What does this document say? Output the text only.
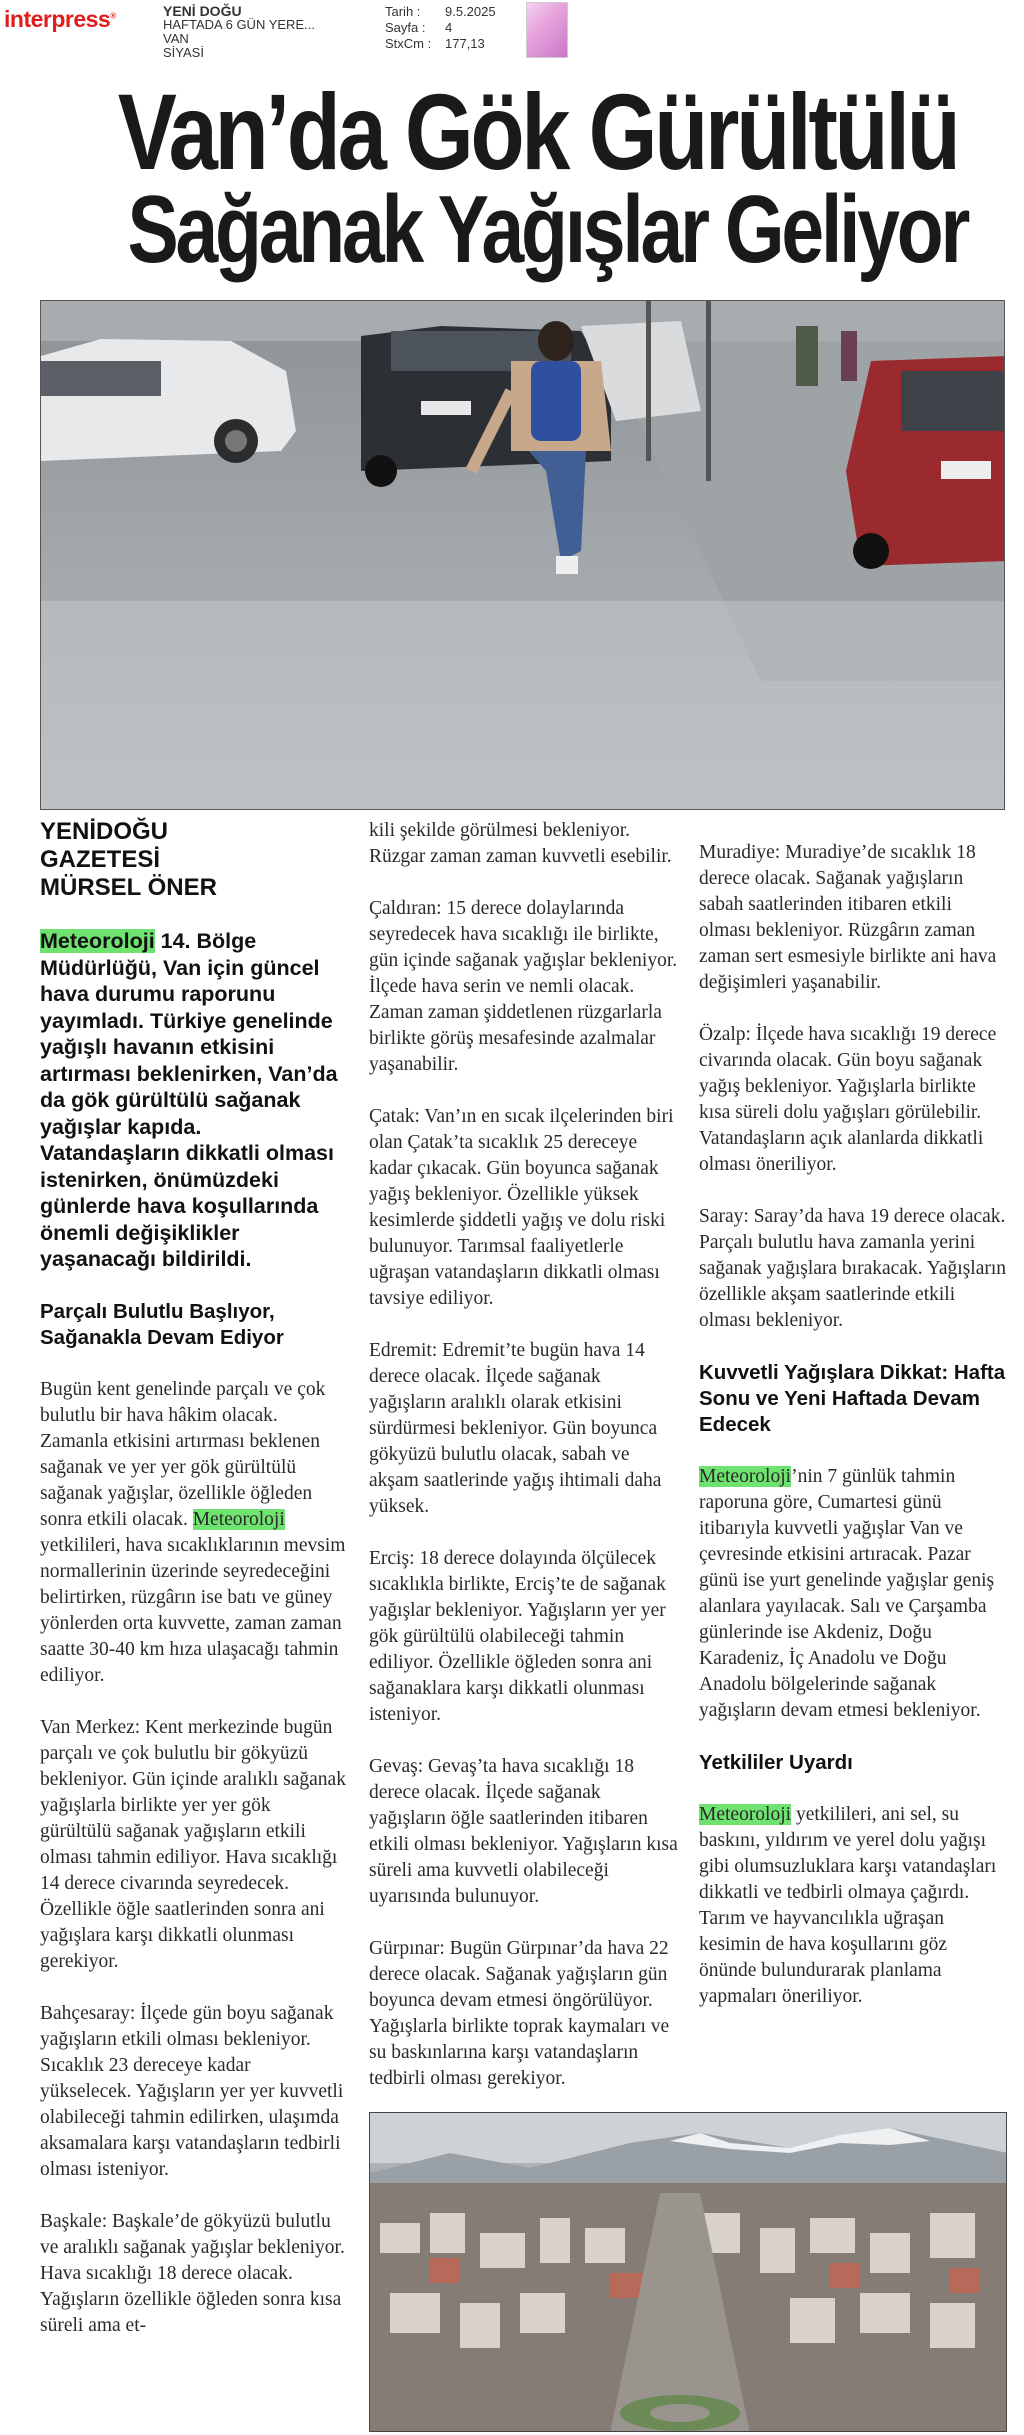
interpress®	YENİ DOĞU
HAFTADA 6 GÜN YERE...
VAN
SİYASİ
Tarih :	9.5.2025
Sayfa :	4
StxCm :	177,13
Van’da Gök Gürültülü
Sağanak Yağışlar Geliyor
YENİDOĞU
GAZETESİ
MÜRSEL ÖNER

Meteoroloji 14. Bölge Müdürlüğü, Van için güncel hava durumu raporunu yayımladı. Türkiye genelinde yağışlı havanın etkisini artırması beklenirken, Van’da da gök gürültülü sağanak yağışlar kapıda. Vatandaşların dikkatli olması istenirken, önümüzdeki günlerde hava koşullarında önemli değişiklikler yaşanacağı bildirildi.

Parçalı Bulutlu Başlıyor, Sağanakla Devam Ediyor

Bugün kent genelinde parçalı ve çok bulutlu bir hava hâkim olacak. Zamanla etkisini artırması beklenen sağanak ve yer yer gök gürültülü sağanak yağışlar, özellikle öğleden sonra etkili olacak. Meteoroloji yetkilileri, hava sıcaklıklarının mevsim normallerinin üzerinde seyredeceğini belirtirken, rüzgârın ise batı ve güney yönlerden orta kuvvette, zaman zaman saatte 30-40 km hıza ulaşacağı tahmin ediliyor.

Van Merkez: Kent merkezinde bugün parçalı ve çok bulutlu bir gökyüzü bekleniyor. Gün içinde aralıklı sağanak yağışlarla birlikte yer yer gök gürültülü sağanak yağışların etkili olması tahmin ediliyor. Hava sıcaklığı 14 derece civarında seyredecek. Özellikle öğle saatlerinden sonra ani yağışlara karşı dikkatli olunması gerekiyor.

Bahçesaray: İlçede gün boyu sağanak yağışların etkili olması bekleniyor. Sıcaklık 23 dereceye kadar yükselecek. Yağışların yer yer kuvvetli olabileceği tahmin edilirken, ulaşımda aksamalara karşı vatandaşların tedbirli olması isteniyor.

Başkale: Başkale’de gökyüzü bulutlu ve aralıklı sağanak yağışlar bekleniyor. Hava sıcaklığı 18 derece olacak. Yağışların özellikle öğleden sonra kısa süreli ama et-

kili şekilde görülmesi bekleniyor. Rüzgar zaman zaman kuvvetli esebilir.

Çaldıran: 15 derece dolaylarında seyredecek hava sıcaklığı ile birlikte, gün içinde sağanak yağışlar bekleniyor. İlçede hava serin ve nemli olacak. Zaman zaman şiddetlenen rüzgarlarla birlikte görüş mesafesinde azalmalar yaşanabilir.

Çatak: Van’ın en sıcak ilçelerinden biri olan Çatak’ta sıcaklık 25 dereceye kadar çıkacak. Gün boyunca sağanak yağış bekleniyor. Özellikle yüksek kesimlerde şiddetli yağış ve dolu riski bulunuyor. Tarımsal faaliyetlerle uğraşan vatandaşların dikkatli olması tavsiye ediliyor.

Edremit: Edremit’te bugün hava 14 derece olacak. İlçede sağanak yağışların aralıklı olarak etkisini sürdürmesi bekleniyor. Gün boyunca gökyüzü bulutlu olacak, sabah ve akşam saatlerinde yağış ihtimali daha yüksek.

Erciş: 18 derece dolayında ölçülecek sıcaklıkla birlikte, Erciş’te de sağanak yağışlar bekleniyor. Yağışların yer yer gök gürültülü olabileceği tahmin ediliyor. Özellikle öğleden sonra ani sağanaklara karşı dikkatli olunması isteniyor.

Gevaş: Gevaş’ta hava sıcaklığı 18 derece olacak. İlçede sağanak yağışların öğle saatlerinden itibaren etkili olması bekleniyor. Yağışların kısa süreli ama kuvvetli olabileceği uyarısında bulunuyor.

Gürpınar: Bugün Gürpınar’da hava 22 derece olacak. Sağanak yağışların gün boyunca devam etmesi öngörülüyor. Yağışlarla birlikte toprak kaymaları ve su baskınlarına karşı vatandaşların tedbirli olması gerekiyor.

Muradiye: Muradiye’de sıcaklık 18 derece olacak. Sağanak yağışların sabah saatlerinden itibaren etkili olması bekleniyor. Rüzgârın zaman zaman sert esmesiyle birlikte ani hava değişimleri yaşanabilir.

Özalp: İlçede hava sıcaklığı 19 derece civarında olacak. Gün boyu sağanak yağış bekleniyor. Yağışlarla birlikte kısa süreli dolu yağışları görülebilir. Vatandaşların açık alanlarda dikkatli olması öneriliyor.

Saray: Saray’da hava 19 derece olacak. Parçalı bulutlu hava zamanla yerini sağanak yağışlara bırakacak. Yağışların özellikle akşam saatlerinde etkili olması bekleniyor.

Kuvvetli Yağışlara Dikkat: Hafta Sonu ve Yeni Haftada Devam Edecek

Meteoroloji’nin 7 günlük tahmin raporuna göre, Cumartesi günü itibarıyla kuvvetli yağışlar Van ve çevresinde etkisini artıracak. Pazar günü ise yurt genelinde yağışlar geniş alanlara yayılacak. Salı ve Çarşamba günlerinde ise Akdeniz, Doğu Karadeniz, İç Anadolu ve Doğu Anadolu bölgelerinde sağanak yağışların devam etmesi bekleniyor.

Yetkililer Uyardı

Meteoroloji yetkilileri, ani sel, su baskını, yıldırım ve yerel dolu yağışı gibi olumsuzluklara karşı vatandaşları dikkatli ve tedbirli olmaya çağırdı. Tarım ve hayvancılıkla uğraşan kesimin de hava koşullarını göz önünde bulundurarak planlama yapmaları öneriliyor.
